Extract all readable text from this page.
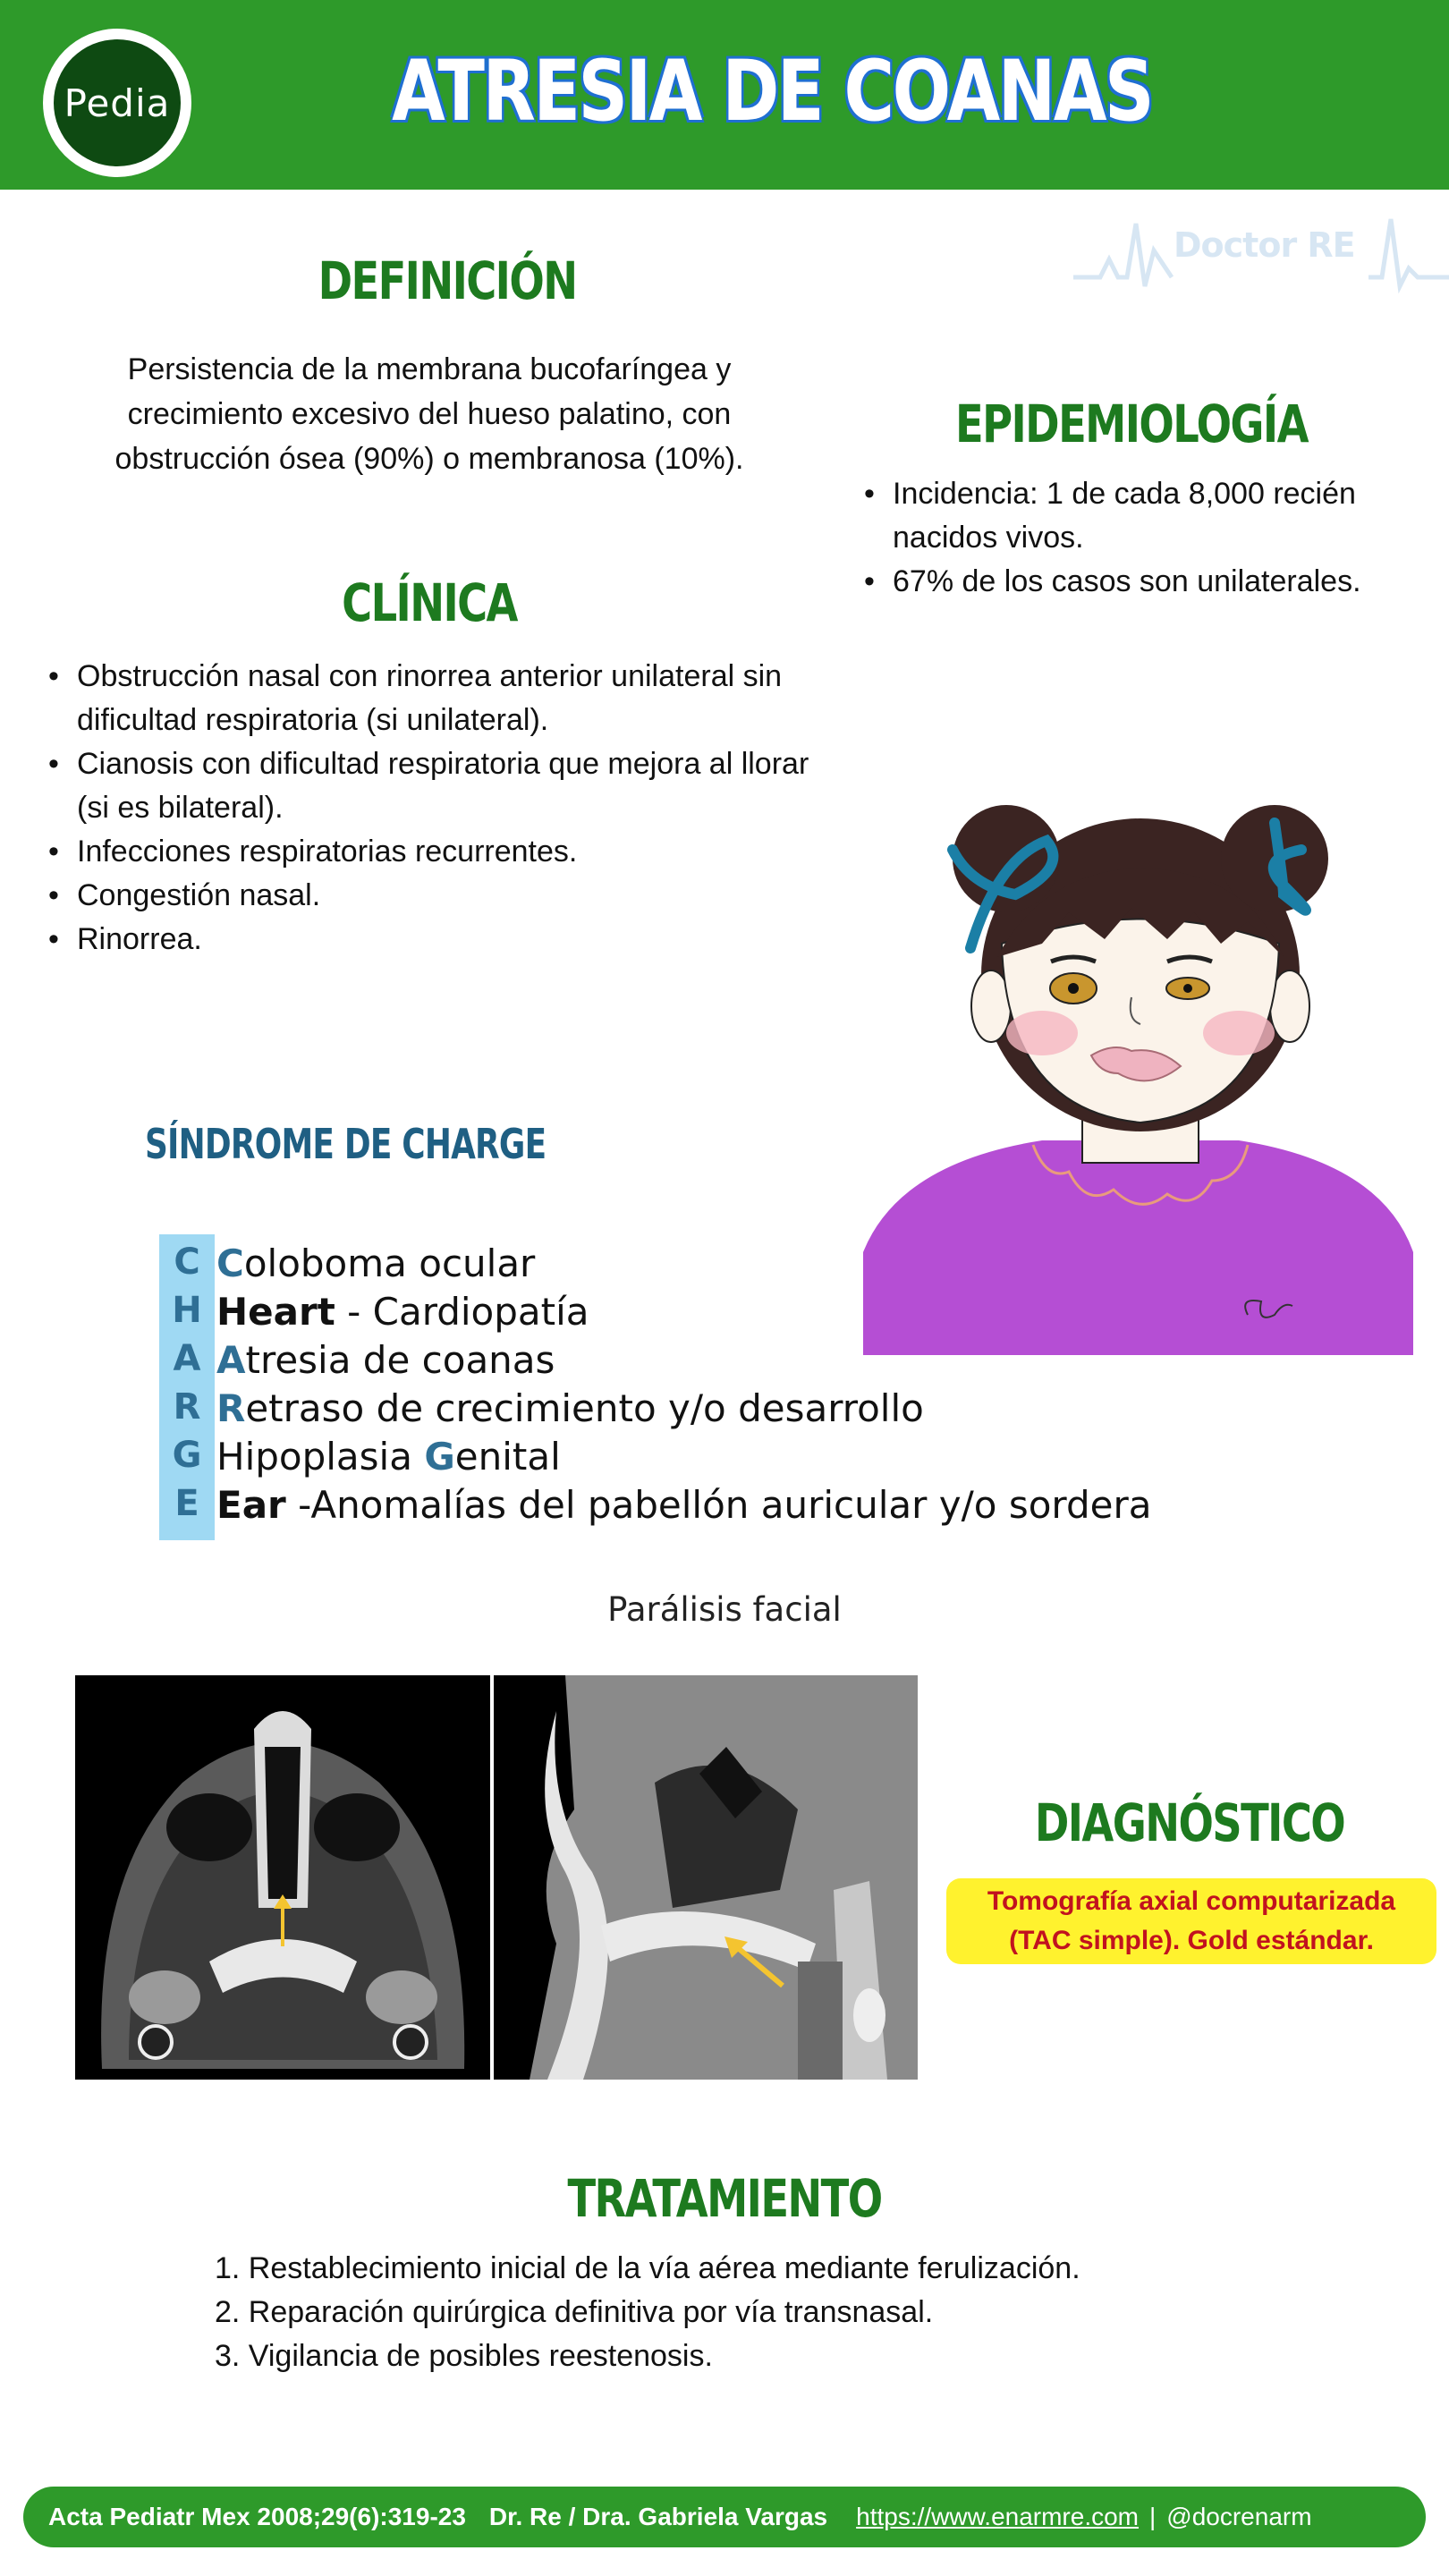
Pedia	ATRESIA DE COANAS
Doctor RE
DEFINICIÓN
Persistencia de la membrana bucofaríngea y crecimiento excesivo del hueso palatino, con obstrucción ósea (90%) o membranosa (10%).
EPIDEMIOLOGÍA
• Incidencia: 1 de cada 8,000 recién nacidos vivos.
• 67% de los casos son unilaterales.
CLÍNICA
• Obstrucción nasal con rinorrea anterior unilateral sin dificultad respiratoria (si unilateral).
• Cianosis con dificultad respiratoria que mejora al llorar (si es bilateral).
• Infecciones respiratorias recurrentes.
• Congestión nasal.
• Rinorrea.
SÍNDROME DE CHARGE
C Coloboma ocular
H Heart - Cardiopatía
A Atresia de coanas
R Retraso de crecimiento y/o desarrollo
G Hipoplasia Genital
E Ear -Anomalías del pabellón auricular y/o sordera
Parálisis facial
DIAGNÓSTICO
Tomografía axial computarizada
(TAC simple). Gold estándar.
TRATAMIENTO
1. Restablecimiento inicial de la vía aérea mediante ferulización.
2. Reparación quirúrgica definitiva por vía transnasal.
3. Vigilancia de posibles reestenosis.
Acta Pediatr Mex 2008;29(6):319-23 Dr. Re / Dra. Gabriela Vargas https://www.enarmre.com | @docrenarm
